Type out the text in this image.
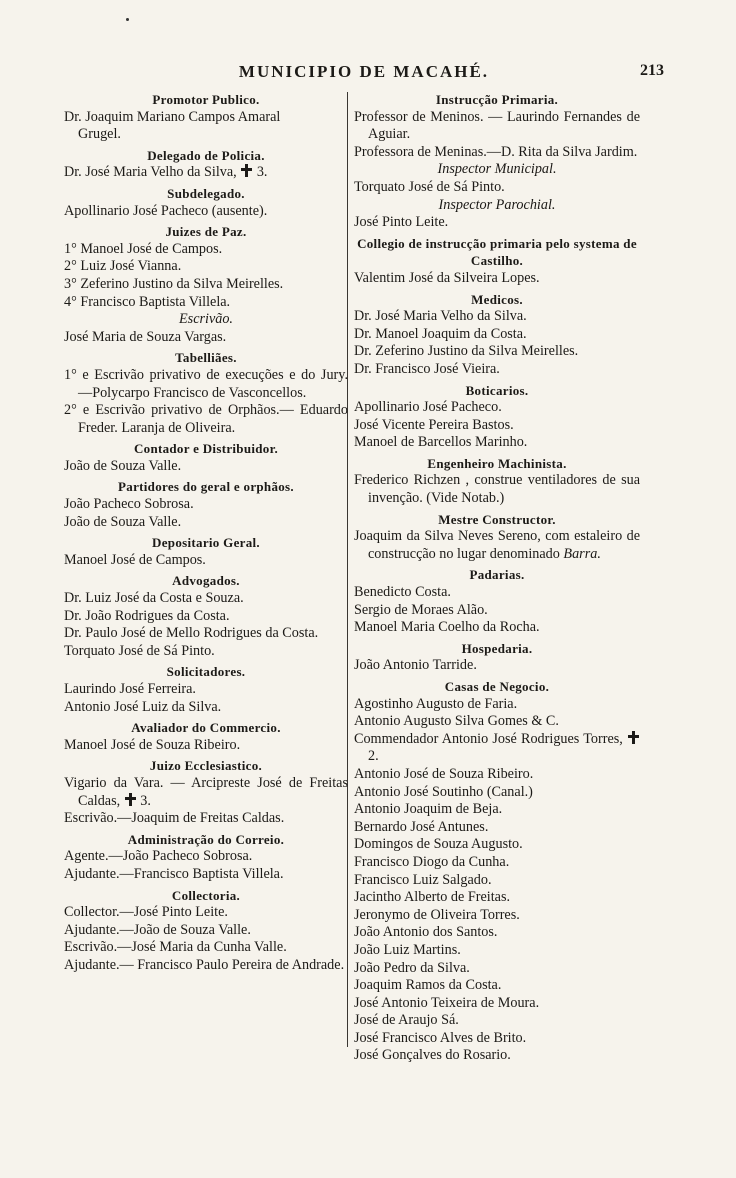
MUNICIPIO DE MACAHÉ.	213
Promotor Publico.
Dr. Joaquim Mariano Campos Amaral
Grugel.
Delegado de Policia.
Dr. José Maria Velho da Silva, 3.
Subdelegado.
Apollinario José Pacheco (ausente).
Juizes de Paz.
1° Manoel José de Campos.
2° Luiz José Vianna.
3° Zeferino Justino da Silva Meirelles.
4° Francisco Baptista Villela.
Escrivão.
José Maria de Souza Vargas.
Tabelliães.
1° e Escrivão privativo de execuções e do Jury. —Polycarpo Francisco de Vasconcellos.
2° e Escrivão privativo de Orphãos.— Eduardo Freder. Laranja de Oliveira.
Contador e Distribuidor.
João de Souza Valle.
Partidores do geral e orphãos.
João Pacheco Sobrosa.
João de Souza Valle.
Depositario Geral.
Manoel José de Campos.
Advogados.
Dr. Luiz José da Costa e Souza.
Dr. João Rodrigues da Costa.
Dr. Paulo José de Mello Rodrigues da Costa.
Torquato José de Sá Pinto.
Solicitadores.
Laurindo José Ferreira.
Antonio José Luiz da Silva.
Avaliador do Commercio.
Manoel José de Souza Ribeiro.
Juizo Ecclesiastico.
Vigario da Vara. — Arcipreste José de Freitas Caldas, 3.
Escrivão.—Joaquim de Freitas Caldas.
Administração do Correio.
Agente.—João Pacheco Sobrosa.
Ajudante.—Francisco Baptista Villela.
Collectoria.
Collector.—José Pinto Leite.
Ajudante.—João de Souza Valle.
Escrivão.—José Maria da Cunha Valle.
Ajudante.— Francisco Paulo Pereira de Andrade.
Instrucção Primaria.
Professor de Meninos. — Laurindo Fernandes de Aguiar.
Professora de Meninas.—D. Rita da Silva Jardim.
Inspector Municipal.
Torquato José de Sá Pinto.
Inspector Parochial.
José Pinto Leite.
Collegio de instrucção primaria pelo systema de Castilho.
Valentim José da Silveira Lopes.
Medicos.
Dr. José Maria Velho da Silva.
Dr. Manoel Joaquim da Costa.
Dr. Zeferino Justino da Silva Meirelles.
Dr. Francisco José Vieira.
Boticarios.
Apollinario José Pacheco.
José Vicente Pereira Bastos.
Manoel de Barcellos Marinho.
Engenheiro Machinista.
Frederico Richzen , construe ventiladores de sua invenção. (Vide Notab.)
Mestre Constructor.
Joaquim da Silva Neves Sereno, com estaleiro de construcção no lugar denominado Barra.
Padarias.
Benedicto Costa.
Sergio de Moraes Alão.
Manoel Maria Coelho da Rocha.
Hospedaria.
João Antonio Tarride.
Casas de Negocio.
Agostinho Augusto de Faria.
Antonio Augusto Silva Gomes & C.
Commendador Antonio José Rodrigues Torres,  2.
Antonio José de Souza Ribeiro.
Antonio José Soutinho (Canal.)
Antonio Joaquim de Beja.
Bernardo José Antunes.
Domingos de Souza Augusto.
Francisco Diogo da Cunha.
Francisco Luiz Salgado.
Jacintho Alberto de Freitas.
Jeronymo de Oliveira Torres.
João Antonio dos Santos.
João Luiz Martins.
João Pedro da Silva.
Joaquim Ramos da Costa.
José Antonio Teixeira de Moura.
José de Araujo Sá.
José Francisco Alves de Brito.
José Gonçalves do Rosario.
